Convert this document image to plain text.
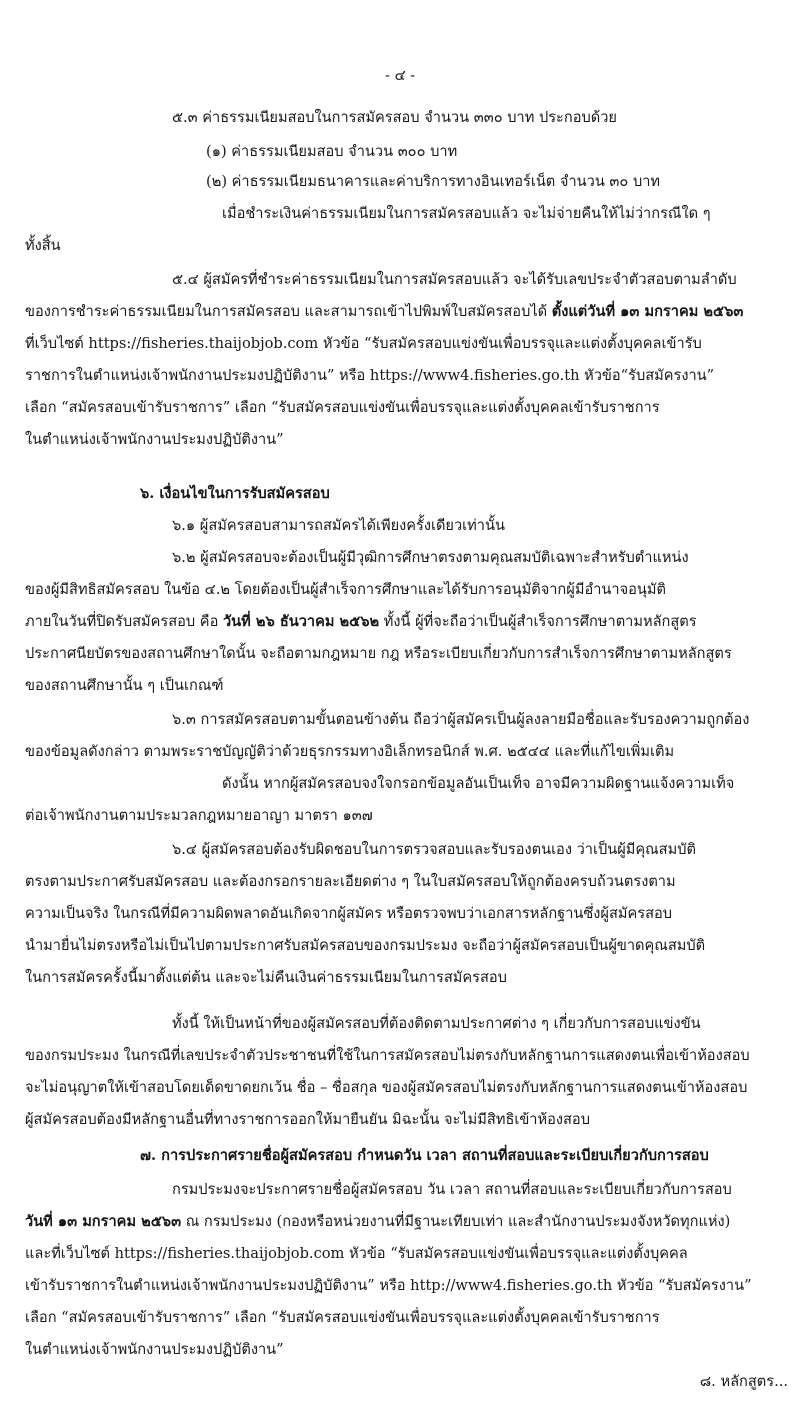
- ๔ -

๕.๓ ค่าธรรมเนียมสอบในการสมัครสอบ จำนวน ๓๓๐ บาท ประกอบด้วย

(๑) ค่าธรรมเนียมสอบ จำนวน ๓๐๐ บาท

(๒) ค่าธรรมเนียมธนาคารและค่าบริการทางอินเทอร์เน็ต จำนวน ๓๐ บาท

เมื่อชำระเงินค่าธรรมเนียมในการสมัครสอบแล้ว จะไม่จ่ายคืนให้ไม่ว่ากรณีใด ๆ

ทั้งสิ้น

๕.๔ ผู้สมัครที่ชำระค่าธรรมเนียมในการสมัครสอบแล้ว จะได้รับเลขประจำตัวสอบตามลำดับ

ของการชำระค่าธรรมเนียมในการสมัครสอบ และสามารถเข้าไปพิมพ์ใบสมัครสอบได้ ตั้งแต่วันที่ ๑๓ มกราคม ๒๕๖๓

ที่เว็บไซต์ https://fisheries.thaijobjob.com หัวข้อ “รับสมัครสอบแข่งขันเพื่อบรรจุและแต่งตั้งบุคคลเข้ารับ

ราชการในตำแหน่งเจ้าพนักงานประมงปฏิบัติงาน” หรือ https://www4.fisheries.go.th หัวข้อ“รับสมัครงาน”

เลือก “สมัครสอบเข้ารับราชการ” เลือก “รับสมัครสอบแข่งขันเพื่อบรรจุและแต่งตั้งบุคคลเข้ารับราชการ

ในตำแหน่งเจ้าพนักงานประมงปฏิบัติงาน”

๖. เงื่อนไขในการรับสมัครสอบ

๖.๑ ผู้สมัครสอบสามารถสมัครได้เพียงครั้งเดียวเท่านั้น

๖.๒ ผู้สมัครสอบจะต้องเป็นผู้มีวุฒิการศึกษาตรงตามคุณสมบัติเฉพาะสำหรับตำแหน่ง

ของผู้มีสิทธิสมัครสอบ ในข้อ ๔.๒ โดยต้องเป็นผู้สำเร็จการศึกษาและได้รับการอนุมัติจากผู้มีอำนาจอนุมัติ

ภายในวันที่ปิดรับสมัครสอบ คือ วันที่ ๒๖ ธันวาคม ๒๕๖๒ ทั้งนี้ ผู้ที่จะถือว่าเป็นผู้สำเร็จการศึกษาตามหลักสูตร

ประกาศนียบัตรของสถานศึกษาใดนั้น จะถือตามกฎหมาย กฎ หรือระเบียบเกี่ยวกับการสำเร็จการศึกษาตามหลักสูตร

ของสถานศึกษานั้น ๆ เป็นเกณฑ์

๖.๓ การสมัครสอบตามขั้นตอนข้างต้น ถือว่าผู้สมัครเป็นผู้ลงลายมือชื่อและรับรองความถูกต้อง

ของข้อมูลดังกล่าว ตามพระราชบัญญัติว่าด้วยธุรกรรมทางอิเล็กทรอนิกส์ พ.ศ. ๒๕๔๔ และที่แก้ไขเพิ่มเติม

ดังนั้น หากผู้สมัครสอบจงใจกรอกข้อมูลอันเป็นเท็จ อาจมีความผิดฐานแจ้งความเท็จ

ต่อเจ้าพนักงานตามประมวลกฎหมายอาญา มาตรา ๑๓๗

๖.๔ ผู้สมัครสอบต้องรับผิดชอบในการตรวจสอบและรับรองตนเอง ว่าเป็นผู้มีคุณสมบัติ

ตรงตามประกาศรับสมัครสอบ และต้องกรอกรายละเอียดต่าง ๆ ในใบสมัครสอบให้ถูกต้องครบถ้วนตรงตาม

ความเป็นจริง ในกรณีที่มีความผิดพลาดอันเกิดจากผู้สมัคร หรือตรวจพบว่าเอกสารหลักฐานซึ่งผู้สมัครสอบ

นำมายื่นไม่ตรงหรือไม่เป็นไปตามประกาศรับสมัครสอบของกรมประมง จะถือว่าผู้สมัครสอบเป็นผู้ขาดคุณสมบัติ

ในการสมัครครั้งนี้มาตั้งแต่ต้น และจะไม่คืนเงินค่าธรรมเนียมในการสมัครสอบ

ทั้งนี้ ให้เป็นหน้าที่ของผู้สมัครสอบที่ต้องติดตามประกาศต่าง ๆ เกี่ยวกับการสอบแข่งขัน

ของกรมประมง ในกรณีที่เลขประจำตัวประชาชนที่ใช้ในการสมัครสอบไม่ตรงกับหลักฐานการแสดงตนเพื่อเข้าห้องสอบ

จะไม่อนุญาตให้เข้าสอบโดยเด็ดขาดยกเว้น ชื่อ – ชื่อสกุล ของผู้สมัครสอบไม่ตรงกับหลักฐานการแสดงตนเข้าห้องสอบ

ผู้สมัครสอบต้องมีหลักฐานอื่นที่ทางราชการออกให้มายืนยัน มิฉะนั้น จะไม่มีสิทธิเข้าห้องสอบ

๗. การประกาศรายชื่อผู้สมัครสอบ กำหนดวัน เวลา สถานที่สอบและระเบียบเกี่ยวกับการสอบ

กรมประมงจะประกาศรายชื่อผู้สมัครสอบ วัน เวลา สถานที่สอบและระเบียบเกี่ยวกับการสอบ

วันที่ ๑๓ มกราคม ๒๕๖๓ ณ กรมประมง (กองหรือหน่วยงานที่มีฐานะเทียบเท่า และสำนักงานประมงจังหวัดทุกแห่ง)

และที่เว็บไซต์ https://fisheries.thaijobjob.com หัวข้อ “รับสมัครสอบแข่งขันเพื่อบรรจุและแต่งตั้งบุคคล

เข้ารับราชการในตำแหน่งเจ้าพนักงานประมงปฏิบัติงาน” หรือ http://www4.fisheries.go.th หัวข้อ “รับสมัครงาน”

เลือก “สมัครสอบเข้ารับราชการ” เลือก “รับสมัครสอบแข่งขันเพื่อบรรจุและแต่งตั้งบุคคลเข้ารับราชการ

ในตำแหน่งเจ้าพนักงานประมงปฏิบัติงาน”

๘. หลักสูตร...
